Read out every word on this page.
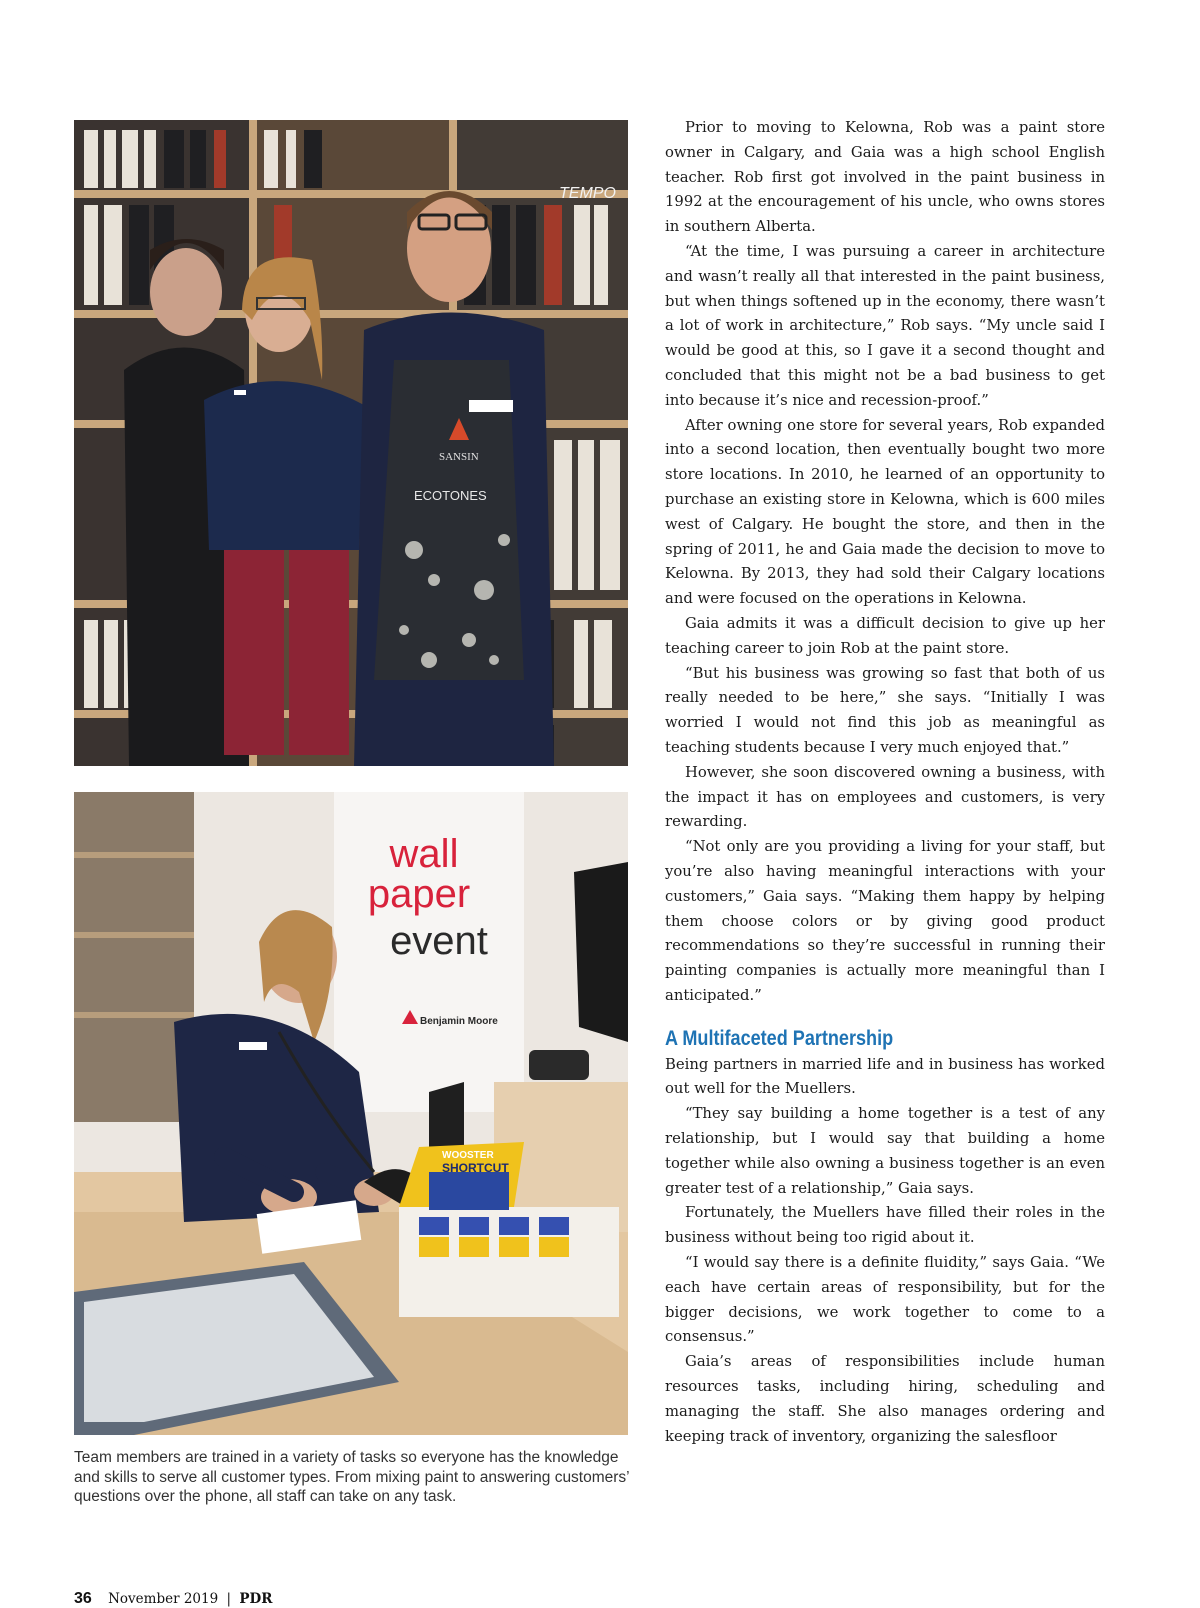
TEMPO
SANSIN
ECOTONES
wall
paper
event
Benjamin Moore
WOOSTER
SHORTCUT
Team members are trained in a variety of tasks so everyone has the knowledge and skills to serve all customer types. From mixing paint to answering customers’ questions over the phone, all staff can take on any task.

Prior to moving to Kelowna, Rob was a paint store owner in Calgary, and Gaia was a high school English teacher. Rob first got involved in the paint business in 1992 at the encouragement of his uncle, who owns stores in southern Alberta.

“At the time, I was pursuing a career in architecture and wasn’t really all that interested in the paint business, but when things softened up in the economy, there wasn’t a lot of work in architecture,” Rob says. “My uncle said I would be good at this, so I gave it a second thought and concluded that this might not be a bad business to get into because it’s nice and recession-proof.”

After owning one store for several years, Rob expanded into a second location, then eventually bought two more store locations. In 2010, he learned of an opportunity to purchase an existing store in Kelowna, which is 600 miles west of Calgary. He bought the store, and then in the spring of 2011, he and Gaia made the decision to move to Kelowna. By 2013, they had sold their Calgary locations and were focused on the operations in Kelowna.

Gaia admits it was a difficult decision to give up her teaching career to join Rob at the paint store.

“But his business was growing so fast that both of us really needed to be here,” she says. “Initially I was worried I would not find this job as meaningful as teaching students because I very much enjoyed that.”

However, she soon discovered owning a business, with the impact it has on employees and customers, is very rewarding.

“Not only are you providing a living for your staff, but you’re also having meaningful interactions with your customers,” Gaia says. “Making them happy by helping them choose colors or by giving good product recommendations so they’re successful in running their painting companies is actually more meaningful than I anticipated.”

A Multifaceted Partnership

Being partners in married life and in business has worked out well for the Muellers.

“They say building a home together is a test of any relationship, but I would say that building a home together while also owning a business together is an even greater test of a relationship,” Gaia says.

Fortunately, the Muellers have filled their roles in the business without being too rigid about it.

“I would say there is a definite fluidity,” says Gaia. “We each have certain areas of responsibility, but for the bigger decisions, we work together to come to a consensus.”

Gaia’s areas of responsibilities include human resources tasks, including hiring, scheduling and managing the staff. She also manages ordering and keeping track of inventory, organizing the salesfloor

36 November 2019 | PDR
